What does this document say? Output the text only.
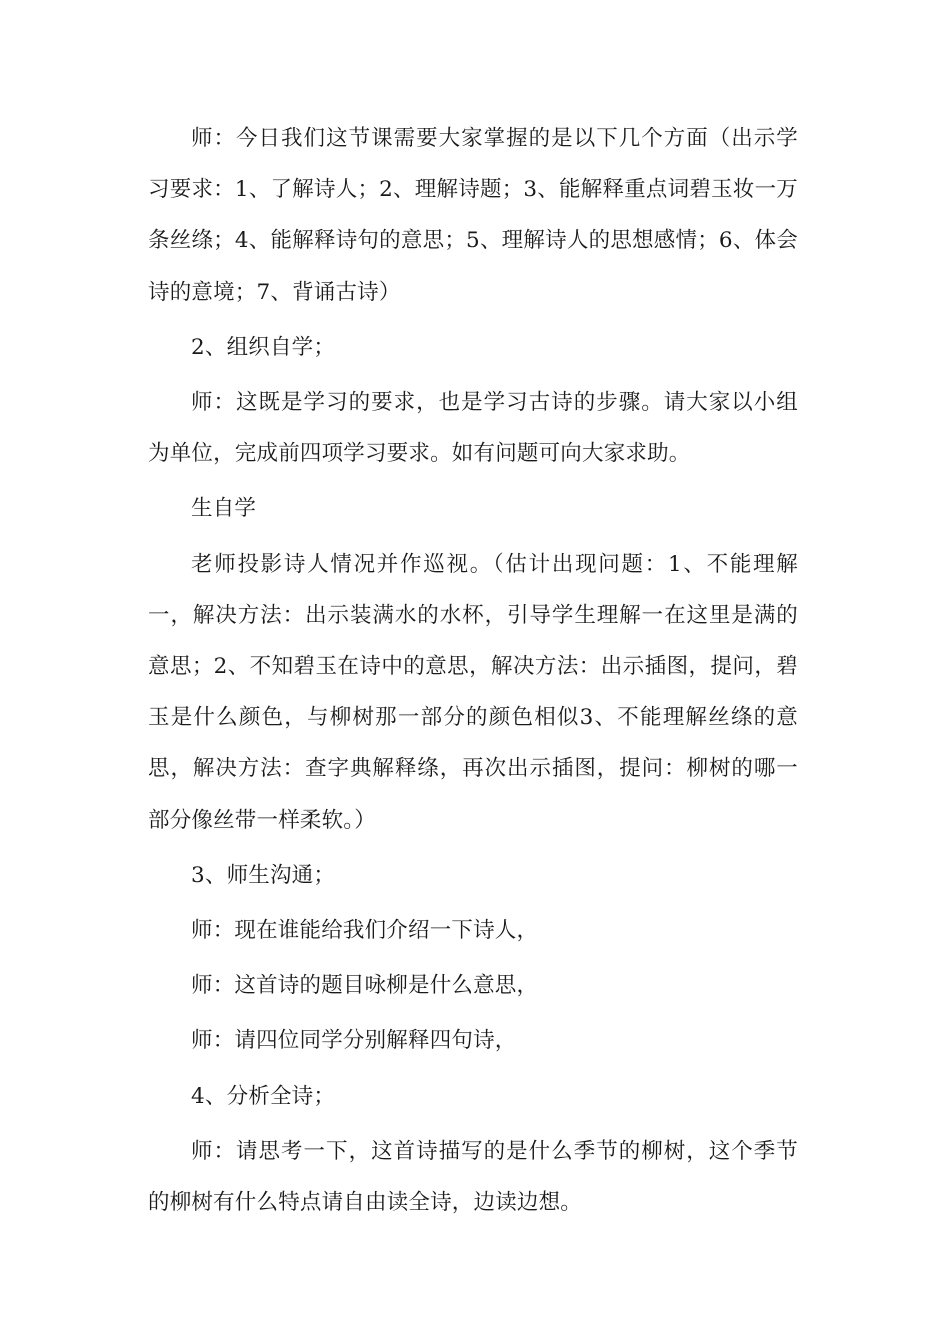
师：今日我们这节课需要大家掌握的是以下几个方面（出示学习要求：1、了解诗人；2、理解诗题；3、能解释重点词碧玉妆一万条丝绦；4、能解释诗句的意思；5、理解诗人的思想感情；6、体会诗的意境；7、背诵古诗）

2、组织自学；

师：这既是学习的要求，也是学习古诗的步骤。请大家以小组为单位，完成前四项学习要求。如有问题可向大家求助。

生自学

老师投影诗人情况并作巡视。（估计出现问题：1、不能理解一，解决方法：出示装满水的水杯，引导学生理解一在这里是满的意思；2、不知碧玉在诗中的意思，解决方法：出示插图，提问，碧玉是什么颜色，与柳树那一部分的颜色相似3、不能理解丝绦的意思，解决方法：查字典解释绦，再次出示插图，提问：柳树的哪一部分像丝带一样柔软。）

3、师生沟通；

师：现在谁能给我们介绍一下诗人，

师：这首诗的题目咏柳是什么意思，

师：请四位同学分别解释四句诗，

4、分析全诗；

师：请思考一下，这首诗描写的是什么季节的柳树，这个季节的柳树有什么特点请自由读全诗，边读边想。
